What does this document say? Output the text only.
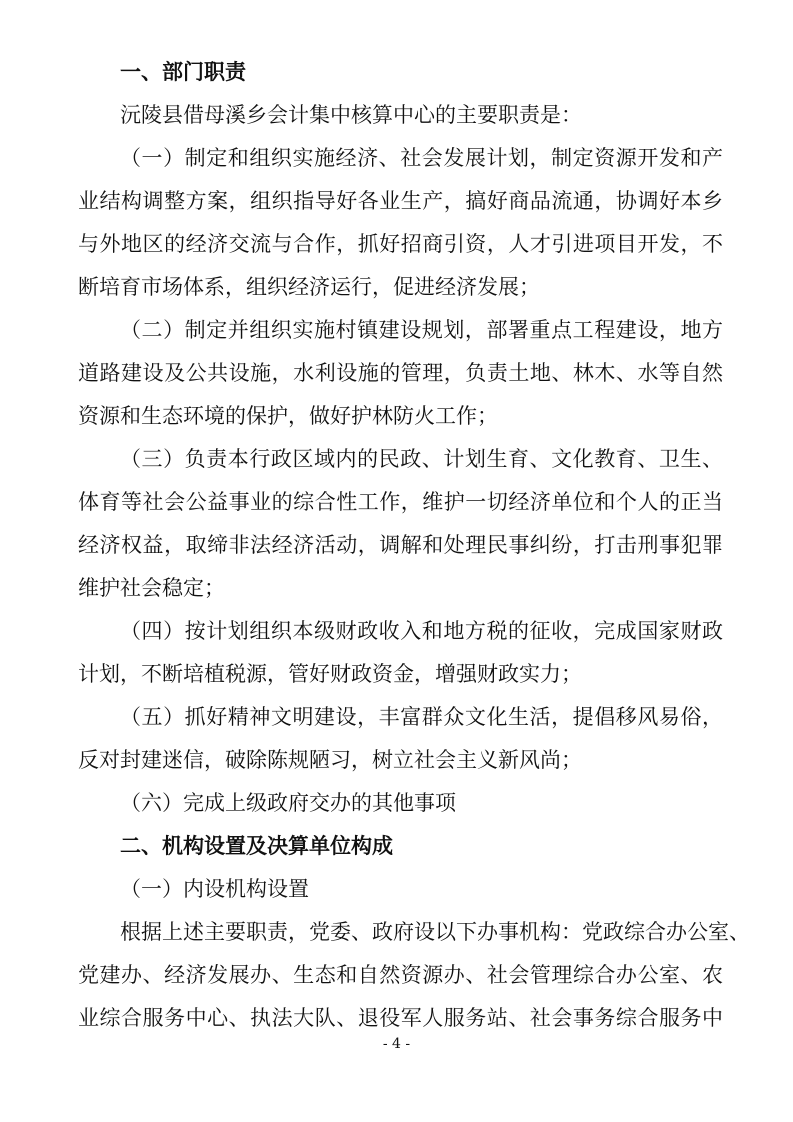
一、部门职责
沅陵县借母溪乡会计集中核算中心的主要职责是：
（一）制定和组织实施经济、社会发展计划，制定资源开发和产
业结构调整方案，组织指导好各业生产，搞好商品流通，协调好本乡
与外地区的经济交流与合作，抓好招商引资，人才引进项目开发，不
断培育市场体系，组织经济运行，促进经济发展；
（二）制定并组织实施村镇建设规划，部署重点工程建设，地方
道路建设及公共设施，水利设施的管理，负责土地、林木、水等自然
资源和生态环境的保护，做好护林防火工作；
（三）负责本行政区域内的民政、计划生育、文化教育、卫生、
体育等社会公益事业的综合性工作，维护一切经济单位和个人的正当
经济权益，取缔非法经济活动，调解和处理民事纠纷，打击刑事犯罪
维护社会稳定；
（四）按计划组织本级财政收入和地方税的征收，完成国家财政
计划，不断培植税源，管好财政资金，增强财政实力；
（五）抓好精神文明建设，丰富群众文化生活，提倡移风易俗，
反对封建迷信，破除陈规陋习，树立社会主义新风尚；
（六）完成上级政府交办的其他事项
二、机构设置及决算单位构成
（一）内设机构设置
根据上述主要职责，党委、政府设以下办事机构：党政综合办公室、
党建办、经济发展办、生态和自然资源办、社会管理综合办公室、农
业综合服务中心、执法大队、退役军人服务站、社会事务综合服务中
- 4 -
